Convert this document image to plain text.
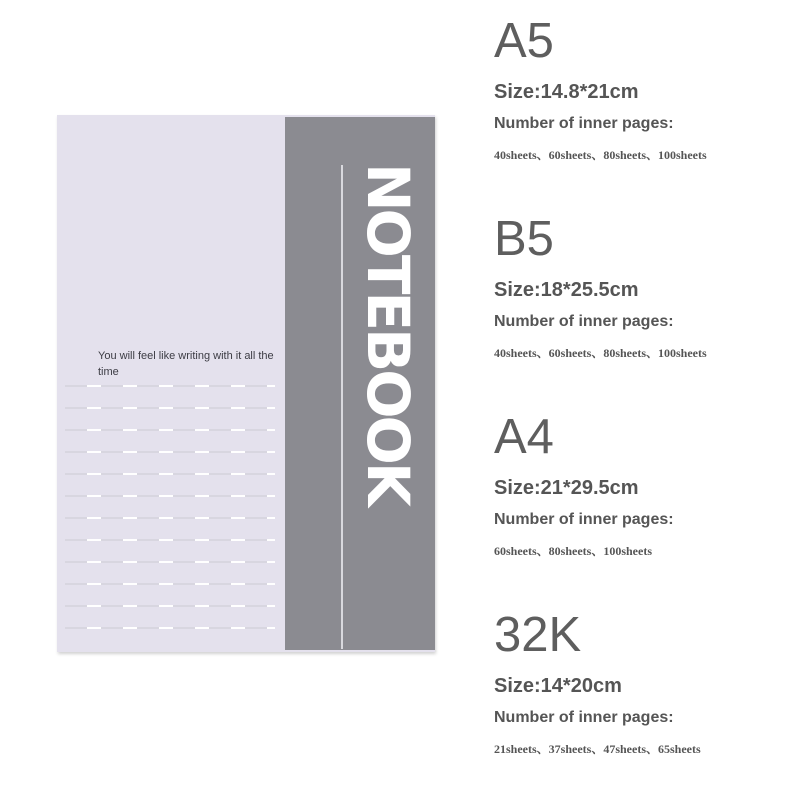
NOTEBOOK
You will feel like writing with it all the time
A5
Size:14.8*21cm
Number of inner pages:
40sheets、60sheets、80sheets、100sheets
B5
Size:18*25.5cm
Number of inner pages:
40sheets、60sheets、80sheets、100sheets
A4
Size:21*29.5cm
Number of inner pages:
60sheets、80sheets、100sheets
32K
Size:14*20cm
Number of inner pages:
21sheets、37sheets、47sheets、65sheets
